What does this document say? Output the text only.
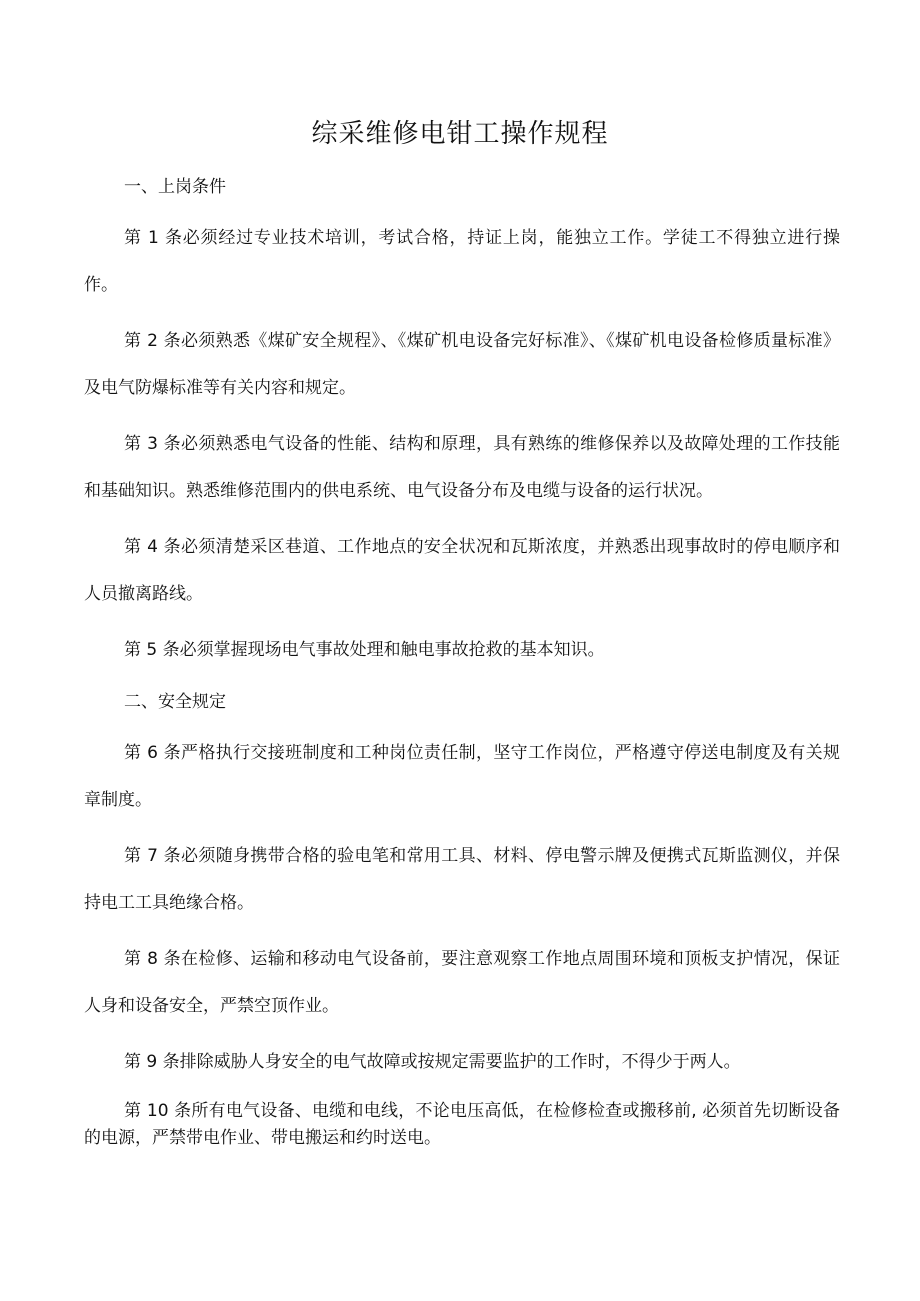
综采维修电钳工操作规程

一、上岗条件

第 1 条必须经过专业技术培训，考试合格，持证上岗，能独立工作。学徒工不得独立进行操作。

第 2 条必须熟悉《煤矿安全规程》、《煤矿机电设备完好标准》、《煤矿机电设备检修质量标准》及电气防爆标准等有关内容和规定。

第 3 条必须熟悉电气设备的性能、结构和原理，具有熟练的维修保养以及故障处理的工作技能和基础知识。熟悉维修范围内的供电系统、电气设备分布及电缆与设备的运行状况。

第 4 条必须清楚采区巷道、工作地点的安全状况和瓦斯浓度，并熟悉出现事故时的停电顺序和人员撤离路线。

第 5 条必须掌握现场电气事故处理和触电事故抢救的基本知识。

二、安全规定

第 6 条严格执行交接班制度和工种岗位责任制，坚守工作岗位，严格遵守停送电制度及有关规章制度。

第 7 条必须随身携带合格的验电笔和常用工具、材料、停电警示牌及便携式瓦斯监测仪，并保持电工工具绝缘合格。

第 8 条在检修、运输和移动电气设备前，要注意观察工作地点周围环境和顶板支护情况，保证人身和设备安全，严禁空顶作业。

第 9 条排除威胁人身安全的电气故障或按规定需要监护的工作时，不得少于两人。

第 10 条所有电气设备、电缆和电线，不论电压高低，在检修检查或搬移前, 必须首先切断设备的电源，严禁带电作业、带电搬运和约时送电。
